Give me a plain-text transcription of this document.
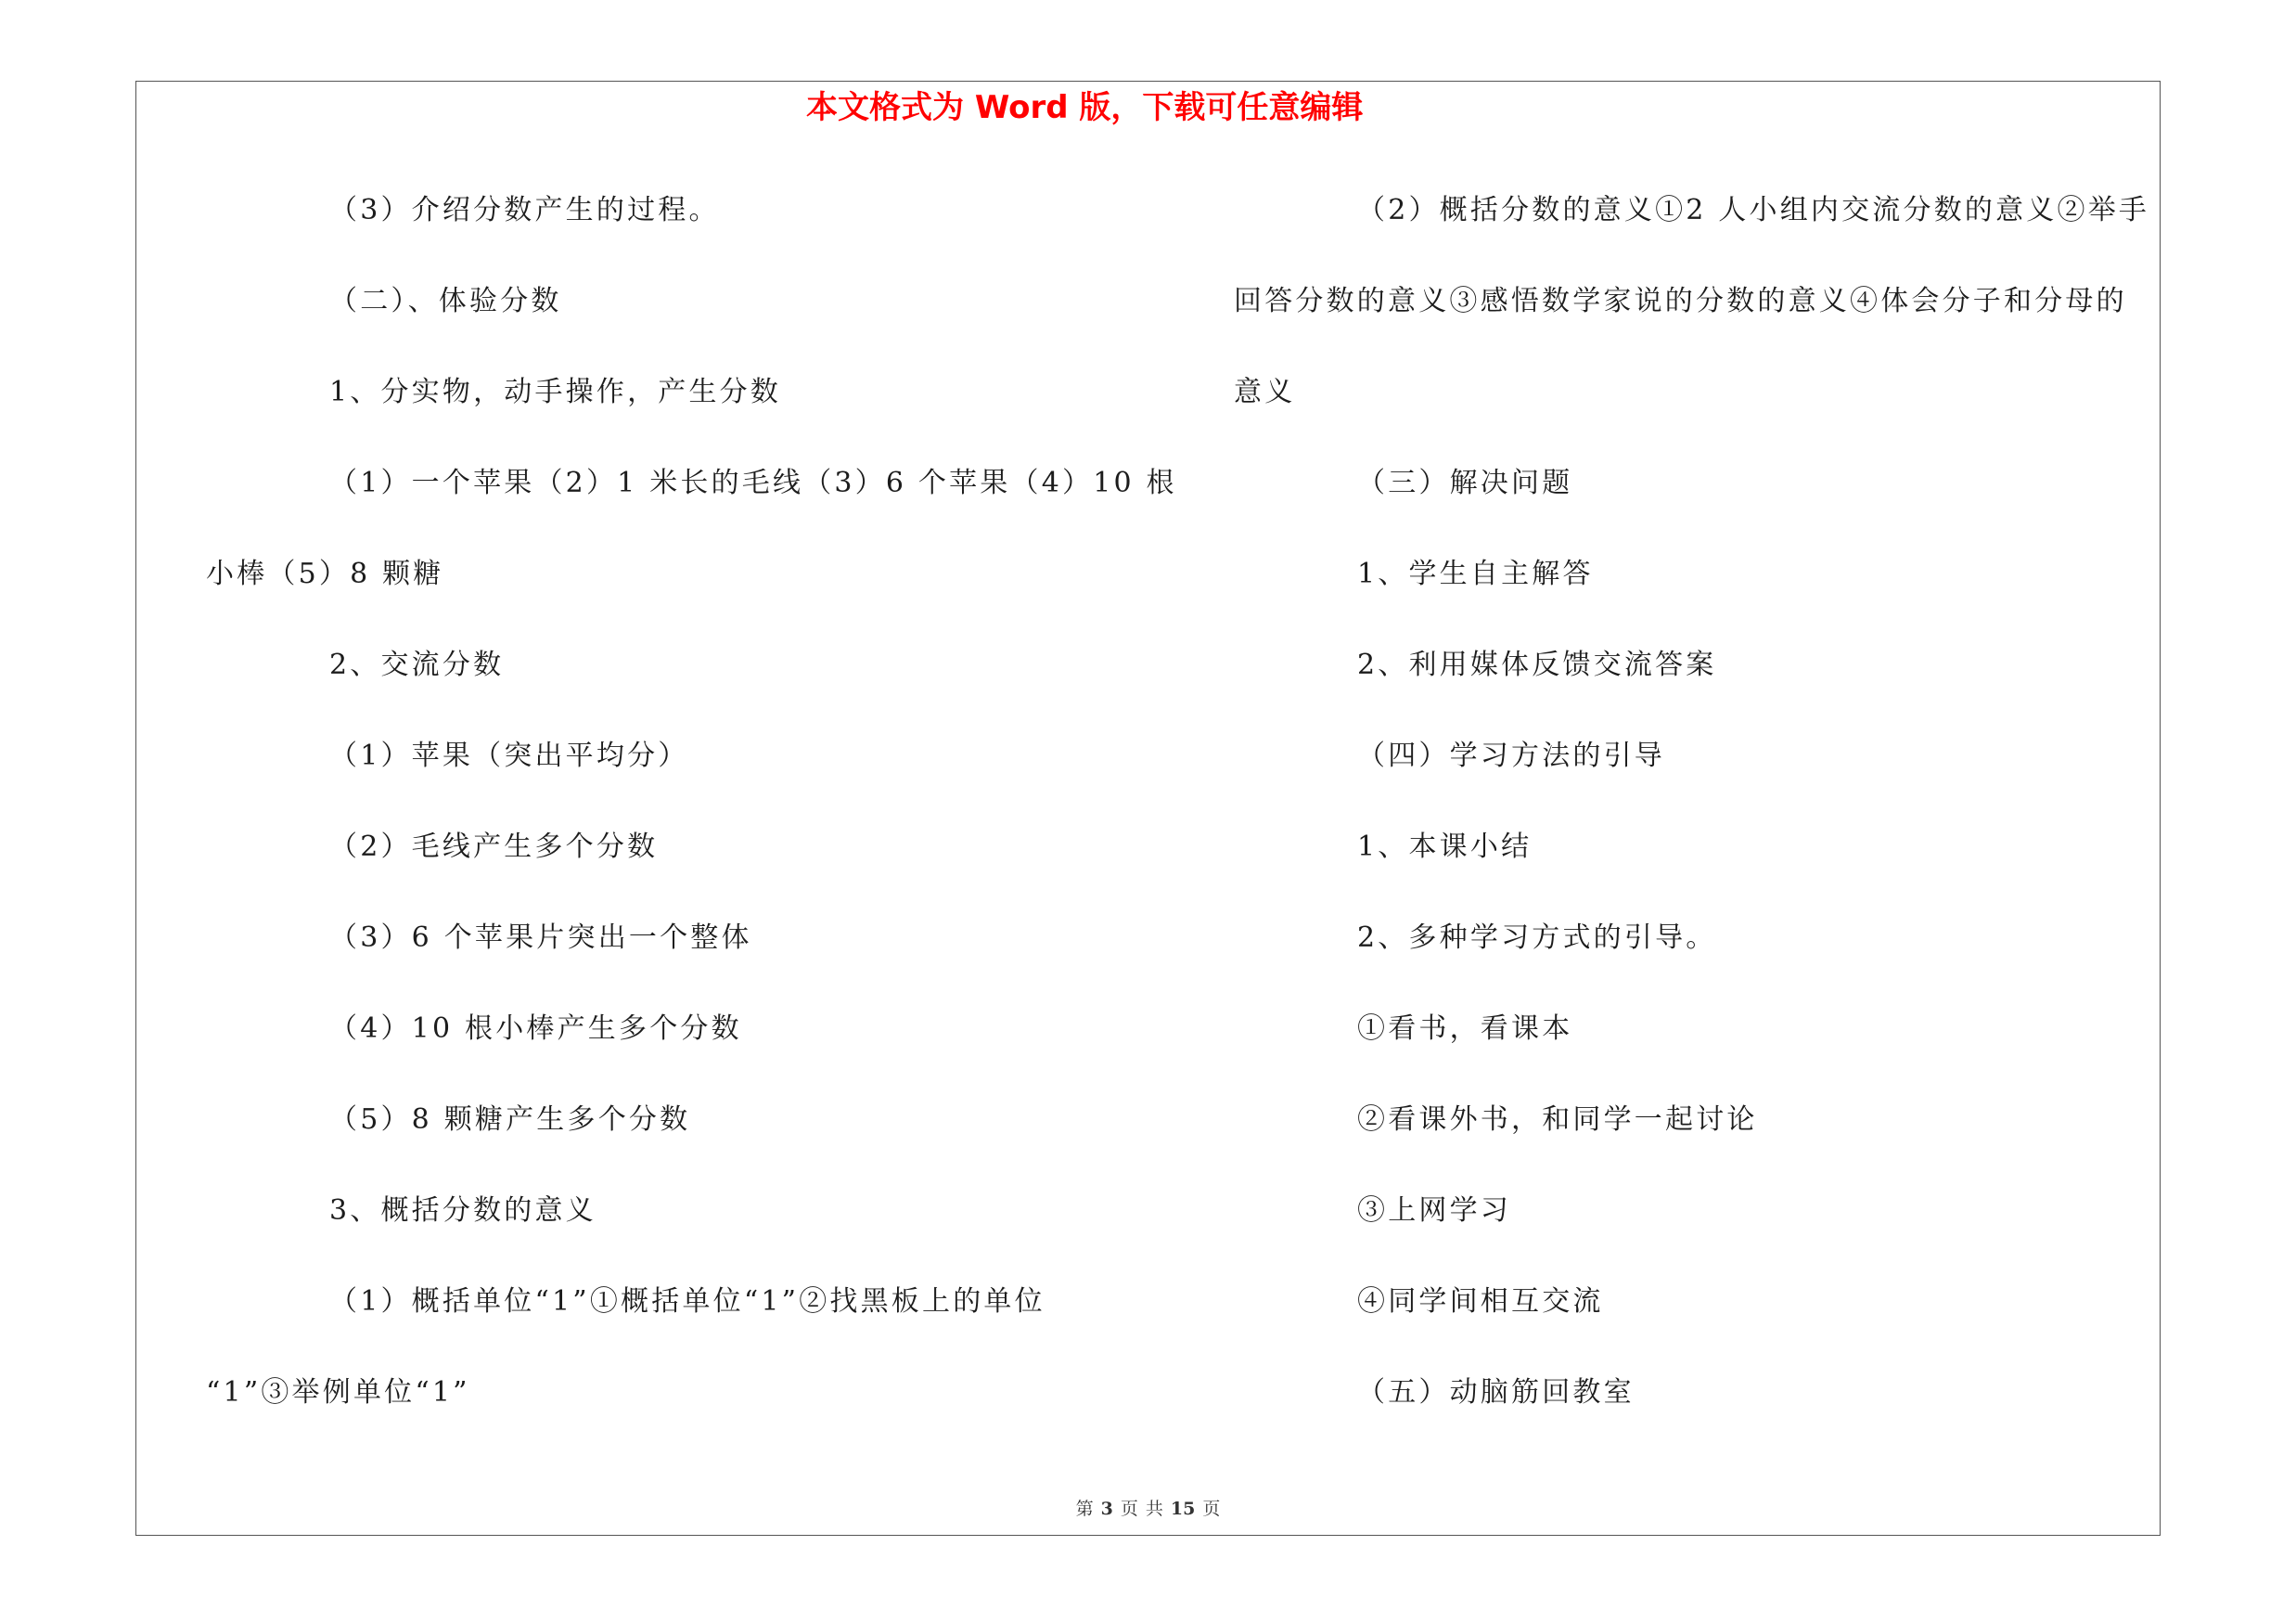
本文格式为 Word 版，下载可任意编辑
（3）介绍分数产生的过程。
（二）、体验分数
1、分实物，动手操作，产生分数
（1）一个苹果（2）1 米长的毛线（3）6 个苹果（4）10 根
小棒（5）8 颗糖
2、交流分数
（1）苹果（突出平均分）
（2）毛线产生多个分数
（3）6 个苹果片突出一个整体
（4）10 根小棒产生多个分数
（5）8 颗糖产生多个分数
3、概括分数的意义
（1）概括单位“1”①概括单位“1”②找黑板上的单位
“1”③举例单位“1”
（2）概括分数的意义①2 人小组内交流分数的意义②举手
回答分数的意义③感悟数学家说的分数的意义④体会分子和分母的
意义
（三）解决问题
1、学生自主解答
2、利用媒体反馈交流答案
（四）学习方法的引导
1、本课小结
2、多种学习方式的引导。
①看书，看课本
②看课外书，和同学一起讨论
③上网学习
④同学间相互交流
（五）动脑筋回教室
第 3 页 共 15 页
